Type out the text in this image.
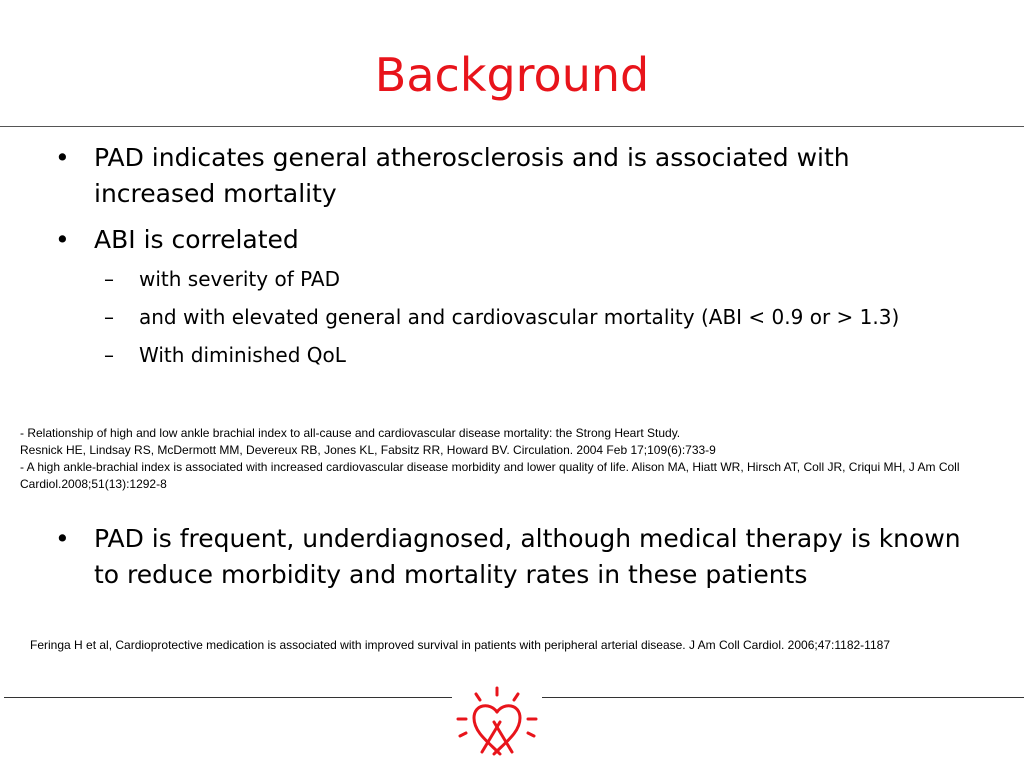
Background
• PAD indicates general atherosclerosis and is associated with increased mortality
• ABI is correlated
– with severity of PAD
– and with elevated general and cardiovascular mortality (ABI < 0.9 or > 1.3)
– With diminished QoL

- Relationship of high and low ankle brachial index to all-cause and cardiovascular disease mortality: the Strong Heart Study.

Resnick HE, Lindsay RS, McDermott MM, Devereux RB, Jones KL, Fabsitz RR, Howard BV. Circulation. 2004 Feb 17;109(6):733-9

- A high ankle-brachial index is associated with increased cardiovascular disease morbidity and lower quality of life. Alison MA, Hiatt WR, Hirsch AT, Coll JR, Criqui MH, J Am Coll Cardiol.2008;51(13):1292-8

• PAD is frequent, underdiagnosed, although medical therapy is known to reduce morbidity and mortality rates in these patients

Feringa H et al, Cardioprotective medication is associated with improved survival in patients with peripheral arterial disease. J Am Coll Cardiol. 2006;47:1182-1187
